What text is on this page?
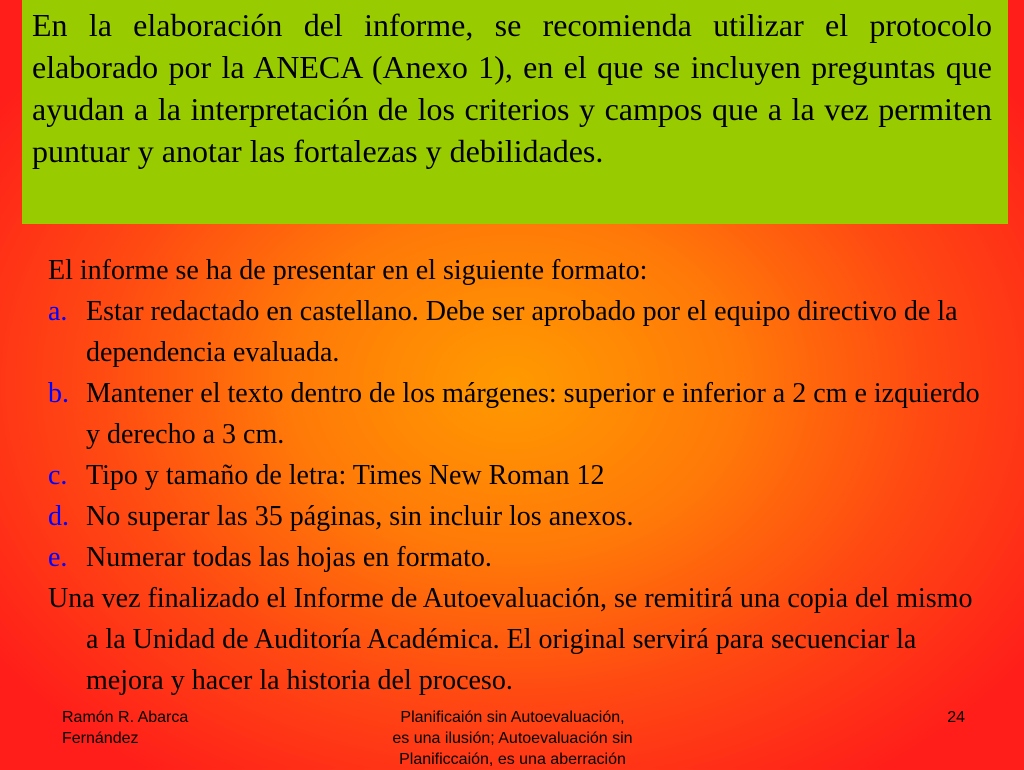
En la elaboración del informe, se recomienda utilizar el protocolo elaborado por la ANECA (Anexo 1), en el que se incluyen preguntas que ayudan a la interpretación de los criterios y campos que a la vez permiten puntuar y anotar las fortalezas y debilidades.

El informe se ha de presentar en el siguiente formato:

a. Estar redactado en castellano. Debe ser aprobado por el equipo directivo de la dependencia evaluada.
b. Mantener el texto dentro de los márgenes: superior e inferior a 2 cm e izquierdo y derecho a 3 cm.
c. Tipo y tamaño de letra: Times New Roman 12
d. No superar las 35 páginas, sin incluir los anexos.
e. Numerar todas las hojas en formato.

Una vez finalizado el Informe de Autoevaluación, se remitirá una copia del mismo a la Unidad de Auditoría Académica. El original servirá para secuenciar la mejora y hacer la historia del proceso.

Ramón R. Abarca
Fernández
Planificaión sin Autoevaluación,
es una ilusión; Autoevaluación sin
Planificcaión, es una aberración
24
